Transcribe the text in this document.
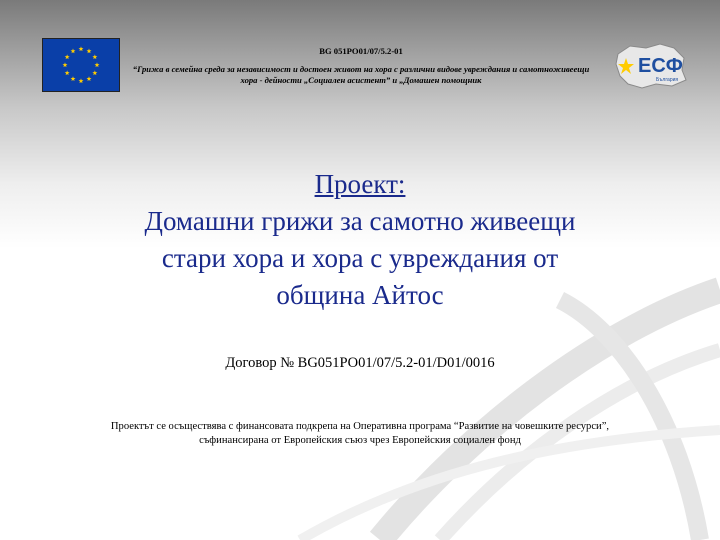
BG 051PO01/07/5.2-01
“Грижа в семейна среда за независимост и достоен живот на хора с различни видове увреждания и самотноживеещи хора - дейности „Социален асистент” и „Домашен помощник
ЕСФ
България
Проект:
Домашни грижи за самотно живеещи
стари хора и хора с увреждания от
община Айтос
Договор № BG051PO01/07/5.2-01/D01/0016
Проектът се осъществява с финансовата подкрепа на Оперативна програма “Развитие на човешките ресурси”,
съфинансирана от Европейския съюз чрез Европейския социален фонд
